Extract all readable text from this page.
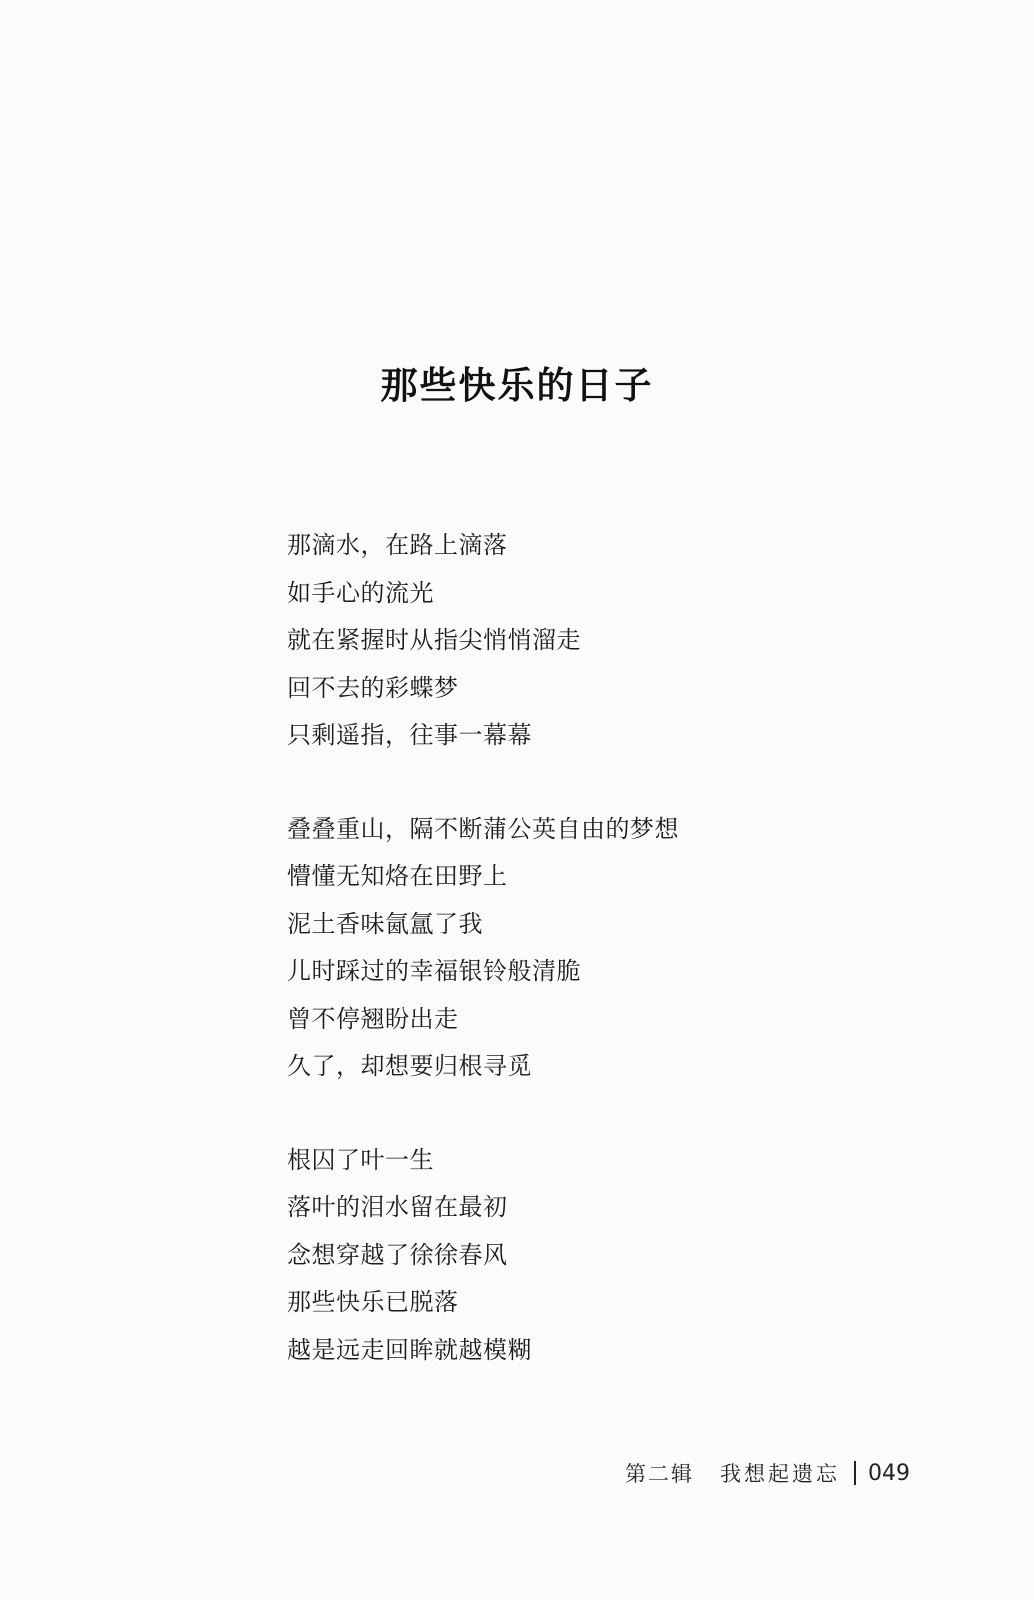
那些快乐的日子
那滴水，在路上滴落
如手心的流光
就在紧握时从指尖悄悄溜走
回不去的彩蝶梦
只剩遥指，往事一幕幕
叠叠重山，隔不断蒲公英自由的梦想
懵懂无知烙在田野上
泥土香味氤氲了我
儿时踩过的幸福银铃般清脆
曾不停翘盼出走
久了，却想要归根寻觅
根囚了叶一生
落叶的泪水留在最初
念想穿越了徐徐春风
那些快乐已脱落
越是远走回眸就越模糊
第二辑 我想起遗忘 049
